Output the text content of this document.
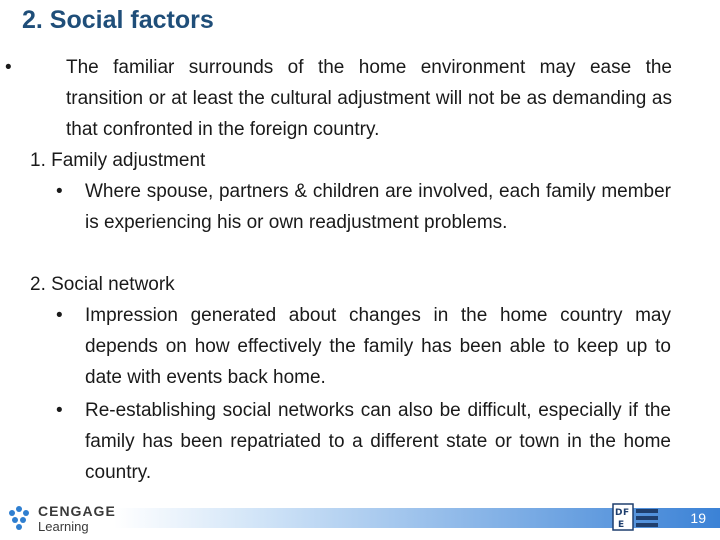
2. Social factors
•	The familiar surrounds of the home environment may ease the transition or at least the cultural adjustment will not be as demanding as that confronted in the foreign country.
1. Family adjustment
•	Where spouse, partners & children are involved, each family member is experiencing his or own readjustment problems.
2. Social network
•	Impression generated about changes in the home country may depends on how effectively the family has been able to keep up to date with events back home.
•	Re-establishing social networks can also be difficult, especially if the family has been repatriated to a different state or town in the home country.
CENGAGE
Learning
D F
E	19
